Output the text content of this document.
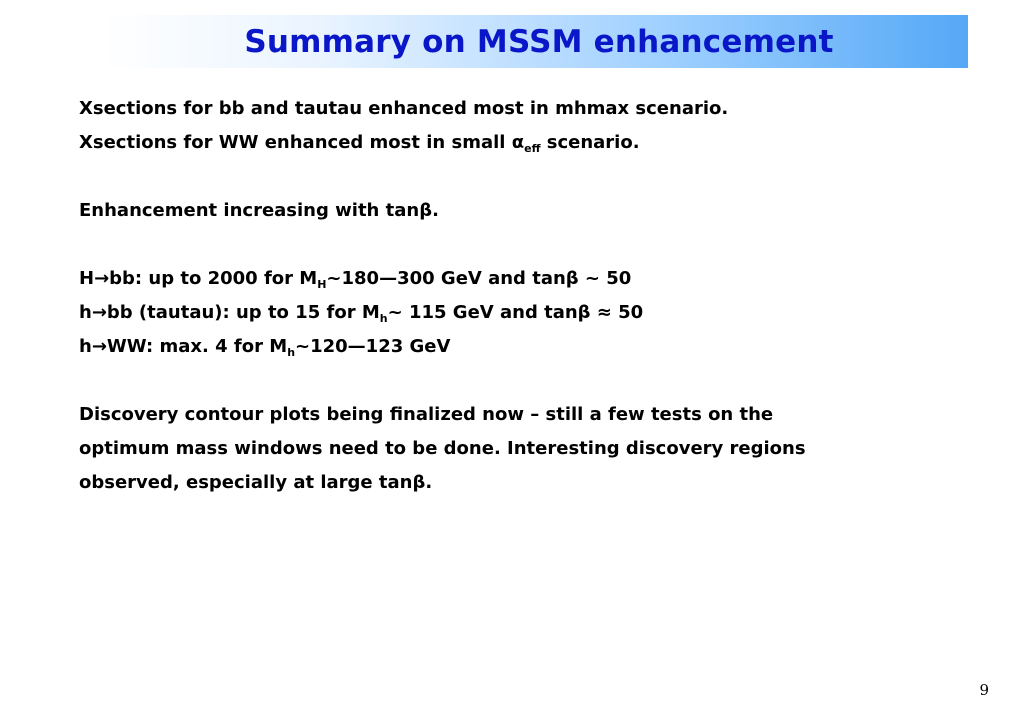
Summary on MSSM enhancement
Xsections for bb and tautau enhanced most in mhmax scenario.
Xsections for WW enhanced most in small $\alpha_{eff}$ scenario.
Enhancement increasing with tanβ.
H→bb: up to 2000 for $M_H\sim 180—300$ GeV and tanβ ~ 50
h→bb (tautau): up to 15 for $M_h\sim$ 115 GeV and tanβ ≈ 50
h→WW: max. 4 for $M_h\sim 120—123$ GeV
Discovery contour plots being finalized now – still a few tests on the
optimum mass windows need to be done. Interesting discovery regions
observed, especially at large tanβ.
9
